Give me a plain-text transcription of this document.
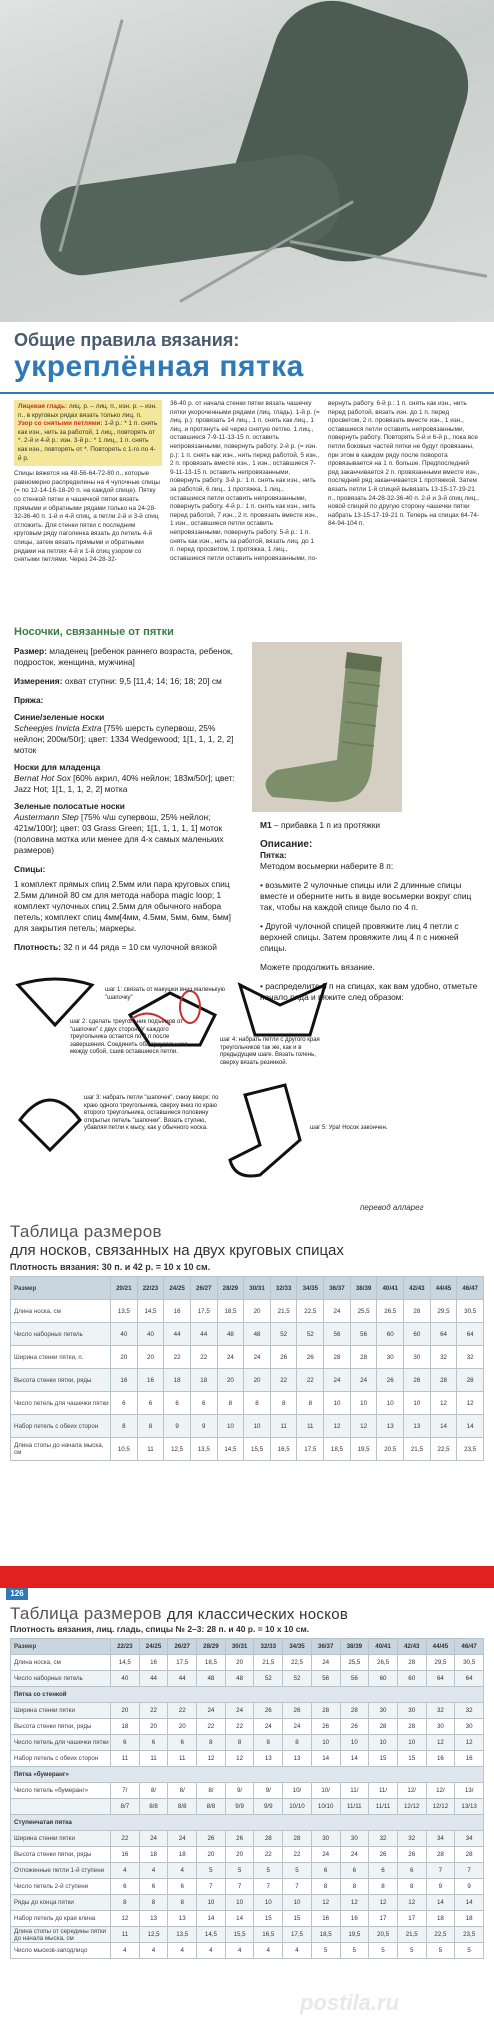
Общие правила вязания:
укреплённая пятка
Лицевая гладь: лиц. р. – лиц. п., изн. р. – изн. п., в круговых рядах вязать только лиц. п.
Узор со снятыми петлями: 1-й р.: * 1 п. снять как изн., нить за работой, 1 лиц., повторять от *. 2-й и 4-й р.: изн. 3-й р.: * 1 лиц., 1 п. снять как изн., повторять от *. Повторять с 1-го по 4-й р.
Спицы вяжется на 48-56-64-72-80 п., которые равномерно распределены на 4 чулочные спицы (= по 12-14-16-18-20 п. на каждой спице). Пятку со стенкой пятки и чашечкой пятки вязать прямыми и обратными рядами только на 24-28-32-36-40 п. 1-й и 4-й спиц, а петли 2-й и 3-й спиц отложить. Для стенки пятки с последним круговым ряду паголенка вязать до петель 4-й спицы, затем вязать прямыми и обратными рядами на петлях 4-й и 1-й спиц узором со снятыми петлями. Через 24-28-32-
36-40 р. от начала стенки пятки вязать чашечку пятки укороченными рядами (лиц. гладь). 1-й р. (= лиц. р.): провязать 14 лиц., 1 п. снять как лиц., 1 лиц. и протянуть её через снятую петлю. 1 лиц., оставшиеся 7-9-11-13-15 п. оставить непровязанными, повернуть работу. 2-й р. (= изн. р.): 1 п. снять как изн., нить перед работой, 5 изн., 2 п. провязать вместе изн., 1 изн., оставшиеся 7-9-11-13-15 п. оставить непровязанными, повернуть работу. 3-й р.: 1 п. снять как изн., нить за работой, 6 лиц., 1 протяжка, 1 лиц., оставшиеся петли оставить непровязанными, повернуть работу. 4-й р.: 1 п. снять как изн., нить перед работой, 7 изн., 2 п. провязать вместе изн., 1 изн., оставшиеся петли оставить непровязанными, повернуть работу. 5-й р.: 1 п. снять как изн., нить за работой, вязать лиц. до 1 п. перед просветом, 1 протяжка, 1 лиц., оставшиеся петли оставить непровязанными, по-
вернуть работу. 6-й р.: 1 п. снять как изн., нить перед работой, вязать изн. до 1 п. перед просветом, 2 п. провязать вместе изн., 1 изн., оставшиеся петли оставить непровязанными, повернуть работу. Повторять 5-й и 6-й р., пока все петли боковых частей пятки не будут провязаны, при этом в каждом ряду после поворота провязывается на 1 п. больше. Предпоследний ряд заканчивается 2 п. провязанными вместе изн., последний ряд заканчивается 1 протяжкой. Затем вязать петли 1-й спицей вывязать 13-15-17-19-21 п., провязать 24-28-32-36-40 п. 2-й и 3-й спиц лиц., новой спицей по другую сторону чашечки пятки набрать 13-15-17-19-21 п. Теперь на спицах 64-74-84-94-104 п.
Носочки, связанные от пятки
Размер: младенец [ребенок раннего возраста, ребенок, подросток, женщина, мужчина]
Измерения: охват ступни: 9,5 [11,4; 14; 16; 18; 20] см
Пряжа:
Синие/зеленые носки
Scheepjes Invicta Extra [75% шерсть супервош, 25% нейлон; 200м/50г]; цвет: 1334 Wedgewood; 1[1, 1, 1, 2, 2] моток
Носки для младенца
Bernat Hot Sox [60% акрил, 40% нейлон; 183м/50г]; цвет: Jazz Hot; 1[1, 1, 1, 2, 2] мотка
Зеленые полосатые носки
Austermann Step [75% ч/ш супервош, 25% нейлон; 421м/100г]; цвет: 03 Grass Green; 1[1, 1, 1, 1, 1] моток (половина мотка или менее для 4-х самых маленьких размеров)
Спицы:
1 комплект прямых спиц 2.5мм или пара круговых спиц 2.5мм длиной 80 см для метода набора magic loop; 1 комплект чулочных спиц 2.5мм для обычного набора петель; комплект спиц 4мм[4мм, 4.5мм, 5мм, 6мм, 6мм] для закрытия петель; маркеры.
Плотность: 32 п и 44 ряда = 10 см чулочной вязкой
M1 – прибавка 1 п из протяжки
Описание:
Пятка:
Методом восьмерки наберите 8 п:
• возьмите 2 чулочные спицы или 2 длинные спицы вместе и оберните нить в виде восьмерки вокруг спиц так, чтобы на каждой спице было по 4 п.
• Другой чулочной спицей провяжите лиц 4 петли с верхней спицы. Затем провяжите лиц 4 п с нижней спицы.
Можете продолжить вязание.
• распределите 8 п на спицах, как вам удобно, отметьте начало ряда и вяжите след образом:
шаг 1: связать от макушки вниз маленькую "шапочку"
шаг 2: сделать треугольник подъемов от "шапочки" с двух сторон. У каждого треугольника остается по 2 п после завершения. Соединить оба треугольника между собой, сшив оставшиеся петли.
шаг 4: набрать петли с другого края треугольников так же, как и в предыдущем шаге. Вязать голень, сверху вязать резинкой.
шаг 3: набрать петли "шапочек", снизу вверх: по краю одного треугольника, сверху вниз по краю второго треугольника, оставшиеся половину открытых петель "шапочки". Вязать ступню, убавляя петли к мысу, как у обычного носка.	шаг 5: Ура! Носок закончен.
перевод алларег
Таблица размеров
для носков, связанных на двух круговых спицах
Плотность вязания: 30 п. и 42 р. = 10 x 10 см.
Размер	20/21	22/23	24/25	26/27	28/29	30/31	32/33	34/35	36/37	38/39	40/41	42/43	44/45	46/47
Длина носка, см	13,5	14,5	16	17,5	18,5	20	21,5	22,5	24	25,5	26,5	28	29,5	30,5
Число наборных петель	40	40	44	44	48	48	52	52	56	56	60	60	64	64
Ширина стенки пятки, п.	20	20	22	22	24	24	26	26	28	28	30	30	32	32
Высота стенки пятки, ряды	16	16	18	18	20	20	22	22	24	24	26	26	28	28
Число петель для чашечки пятки	6	6	6	6	8	8	8	8	10	10	10	10	12	12
Набор петель с обеих сторон	8	8	9	9	10	10	11	11	12	12	13	13	14	14
Длина стопы до начала мыска, см	10,5	11	12,5	13,5	14,5	15,5	16,5	17,5	18,5	19,5	20,5	21,5	22,5	23,5
126
Таблица размеров для классических носков
Плотность вязания, лиц. гладь, спицы № 2–3: 28 п. и 40 р. = 10 х 10 см.
Размер	22/23	24/25	26/27	28/29	30/31	32/33	34/35	36/37	38/39	40/41	42/43	44/45	46/47
Длина носка, см	14,5	16	17,5	18,5	20	21,5	22,5	24	25,5	26,5	28	29,5	30,5
Число наборных петель	40	44	44	48	48	52	52	56	56	60	60	64	64
Пятка со стенкой													
Ширина стенки пятки	20	22	22	24	24	26	26	28	28	30	30	32	32
Высота стенки пятки, ряды	18	20	20	22	22	24	24	26	26	28	28	30	30
Число петель для чашечки пятки	6	6	6	8	8	8	8	10	10	10	10	12	12
Набор петель с обеих сторон	11	11	11	12	12	13	13	14	14	15	15	16	16
Пятка «бумеранг»													
Число петель «бумеранг»	7/	8/	8/	8/	9/	9/	10/	10/	11/	11/	12/	12/	13/
	8/7	8/8	8/8	8/8	9/9	9/9	10/10	10/10	11/11	11/11	12/12	12/12	13/13
Ступенчатая пятка													
Ширина стенки пятки	22	24	24	26	26	28	28	30	30	32	32	34	34
Высота стенки пятки, ряды	16	18	18	20	20	22	22	24	24	26	26	28	28
Отложенные петли 1-й ступени	4	4	4	5	5	5	5	6	6	6	6	7	7
Число петель 2-й ступени	6	6	6	7	7	7	7	8	8	8	8	9	9
Ряды до конца пятки	8	8	8	10	10	10	10	12	12	12	12	14	14
Набор петель до края клина	12	13	13	14	14	15	15	16	16	17	17	18	18
Длина стопы от середины пятки до начала мыска, см	11	12,5	13,5	14,5	15,5	16,5	17,5	18,5	19,5	20,5	21,5	22,5	23,5
Число мысков-заподлицо	4	4	4	4	4	4	4	5	5	5	5	5	5
postila.ru
